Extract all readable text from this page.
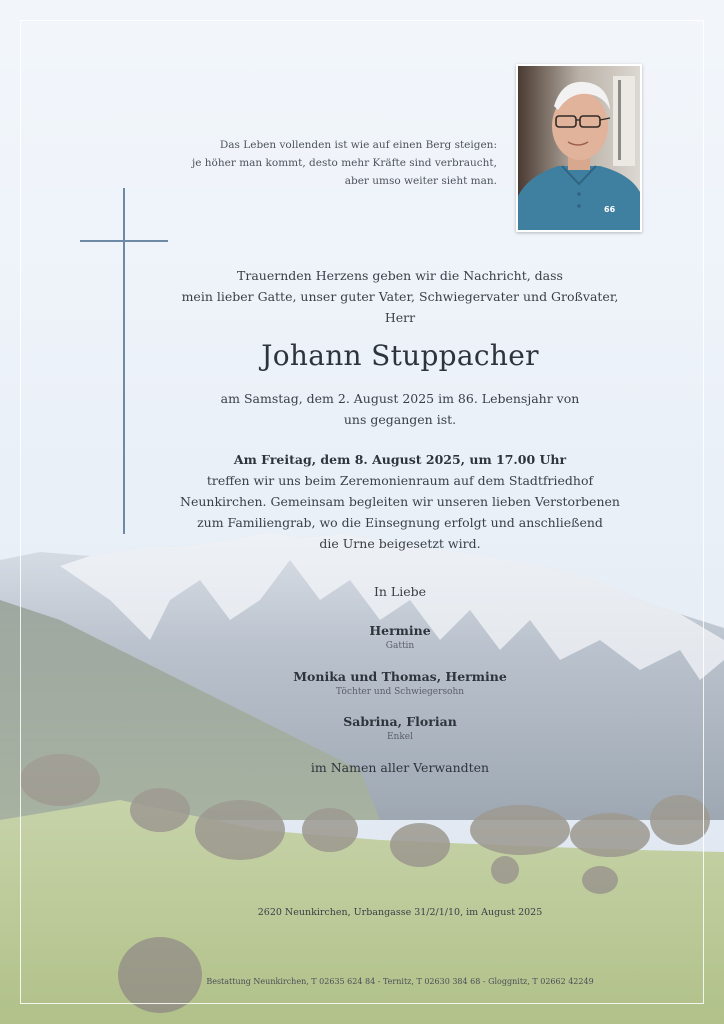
Das Leben vollenden ist wie auf einen Berg steigen:
je höher man kommt, desto mehr Kräfte sind verbraucht,
aber umso weiter sieht man.
66
Trauernden Herzens geben wir die Nachricht, dass
mein lieber Gatte, unser guter Vater, Schwiegervater und Großvater,
Herr
Johann Stuppacher
am Samstag, dem 2. August 2025 im 86. Lebensjahr von
uns gegangen ist.
Am Freitag, dem 8. August 2025, um 17.00 Uhr
treffen wir uns beim Zeremonienraum auf dem Stadtfriedhof
Neunkirchen. Gemeinsam begleiten wir unseren lieben Verstorbenen
zum Familiengrab, wo die Einsegnung erfolgt und anschließend
die Urne beigesetzt wird.
In Liebe
Hermine
Gattin
Monika und Thomas, Hermine
Töchter und Schwiegersohn
Sabrina, Florian
Enkel
im Namen aller Verwandten
2620 Neunkirchen, Urbangasse 31/2/1/10, im August 2025
Bestattung Neunkirchen, T 02635 624 84 - Ternitz, T 02630 384 68 - Gloggnitz, T 02662 42249
